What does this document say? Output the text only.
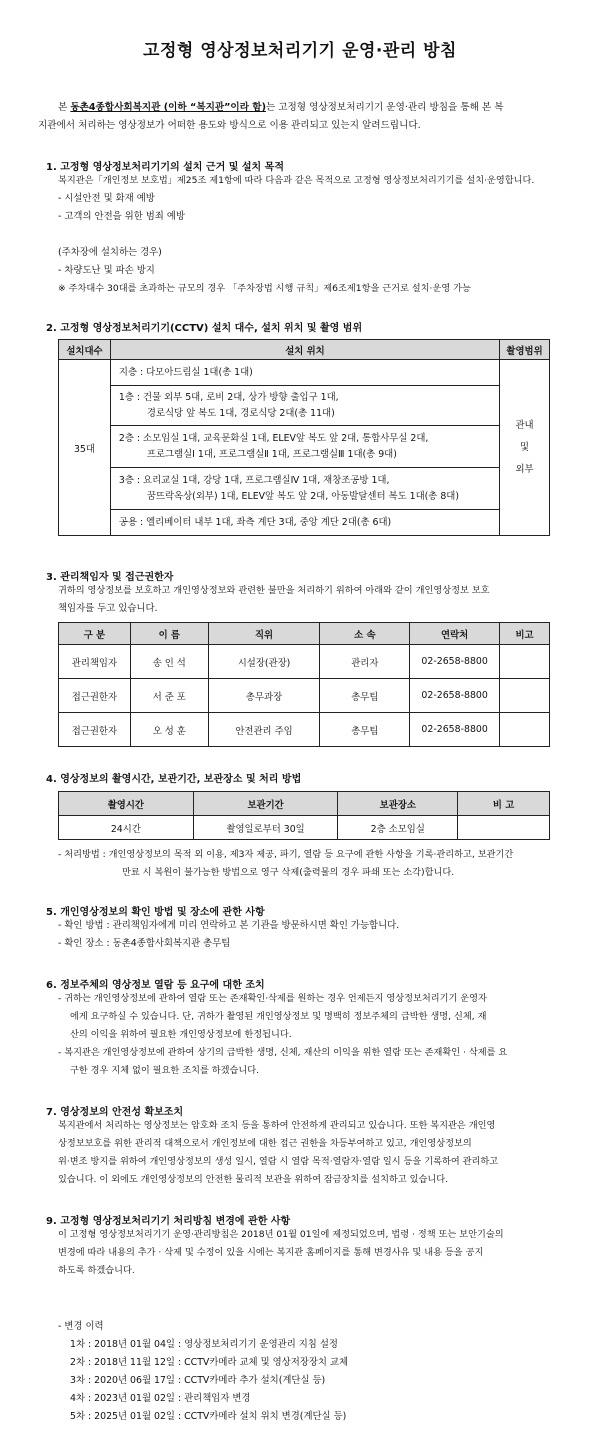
고정형 영상정보처리기기 운영·관리 방침
본 동촌4종합사회복지관 (이하 “복지관”이라 함)는 고정형 영상정보처리기기 운영·관리 방침을 통해 본 복
지관에서 처리하는 영상정보가 어떠한 용도와 방식으로 이용 관리되고 있는지 알려드립니다.
1. 고정형 영상정보처리기기의 설치 근거 및 설치 목적
복지관은「개인정보 보호법」제25조 제1항에 따라 다음과 같은 목적으로 고정형 영상정보처리기기를 설치·운영합니다.
- 시설안전 및 화재 예방
- 고객의 안전을 위한 범죄 예방
(주차장에 설치하는 경우)
- 차량도난 및 파손 방지
※ 주차대수 30대를 초과하는 규모의 경우 「주차장법 시행 규칙」제6조제1항을 근거로 설치·운영 가능
2. 고정형 영상정보처리기기(CCTV) 설치 대수, 설치 위치 및 촬영 범위
설치대수	설치 위치	촬영범위
35대	지층 : 다모아드림실 1대(총 1대)	관내
및
외부

	1층 : 건물 외부 5대, 로비 2대, 상가 방향 출입구 1대,
경로식당 앞 복도 1대, 경로식당 2대(총 11대)	

	2층 : 소모임실 1대, 교육문화실 1대, ELEV앞 복도 앞 2대, 통합사무실 2대,
프로그램실Ⅰ 1대, 프로그램실Ⅱ 1대, 프로그램실Ⅲ 1대(총 9대)	

	3층 : 요리교실 1대, 강당 1대, 프로그램실Ⅳ 1대, 재창조공방 1대,
꿈뜨락옥상(외부) 1대, ELEV앞 복도 앞 2대, 아동발달센터 복도 1대(총 8대)	

	공용 : 엘리베이터 내부 1대, 좌측 계단 3대, 중앙 계단 2대(총 6대)	
3. 관리책임자 및 접근권한자
귀하의 영상정보를 보호하고 개인영상정보와 관련한 불만을 처리하기 위하여 아래와 같이 개인영상정보 보호
책임자를 두고 있습니다.
구 분	이 름	직위	소 속	연락처	비고
관리책임자	송 인 석	시설장(관장)	관리자	02-2658-8800	
접근권한자	서 준 포	총무과장	총무팀	02-2658-8800	
접근권한자	오 성 훈	안전관리 주임	총무팀	02-2658-8800	
4. 영상정보의 촬영시간, 보관기간, 보관장소 및 처리 방법
촬영시간	보관기간	보관장소	비 고
24시간	촬영일로부터 30일	2층 소모임실	
- 처리방법 : 개인영상정보의 목적 외 이용, 제3자 제공, 파기, 열람 등 요구에 관한 사항을 기록·관리하고, 보관기간
만료 시 복원이 불가능한 방법으로 영구 삭제(출력물의 경우 파쇄 또는 소각)합니다.
5. 개인영상정보의 확인 방법 및 장소에 관한 사항
- 확인 방법 : 관리책임자에게 미리 연락하고 본 기관을 방문하시면 확인 가능합니다.
- 확인 장소 : 동촌4종합사회복지관 총무팀
6. 정보주체의 영상정보 열람 등 요구에 대한 조치
- 귀하는 개인영상정보에 관하여 열람 또는 존재확인·삭제를 원하는 경우 언제든지 영상정보처리기기 운영자
에게 요구하실 수 있습니다. 단, 귀하가 촬영된 개인영상정보 및 명백히 정보주체의 급박한 생명, 신체, 재
산의 이익을 위하여 필요한 개인영상정보에 한정됩니다.
- 복지관은 개인영상정보에 관하여 상기의 급박한 생명, 신체, 재산의 이익을 위한 열람 또는 존재확인 · 삭제를 요
구한 경우 지체 없이 필요한 조치를 하겠습니다.
7. 영상정보의 안전성 확보조치
복지관에서 처리하는 영상정보는 암호화 조치 등을 통하여 안전하게 관리되고 있습니다. 또한 복지관은 개인영
상정보보호를 위한 관리적 대책으로서 개인정보에 대한 접근 권한을 차등부여하고 있고, 개인영상정보의
위·변조 방지를 위하여 개인영상정보의 생성 일시, 열람 시 열람 목적·열람자·열람 일시 등을 기록하여 관리하고
있습니다. 이 외에도 개인영상정보의 안전한 물리적 보관을 위하여 잠금장치를 설치하고 있습니다.
9. 고정형 영상정보처리기기 처리방침 변경에 관한 사항
이 고정형 영상정보처리기기 운영·관리방침은 2018년 01월 01일에 제정되었으며, 법령 · 정책 또는 보안기술의
변경에 따라 내용의 추가 · 삭제 및 수정이 있을 시에는 복지관 홈페이지를 통해 변경사유 및 내용 등을 공지
하도록 하겠습니다.
- 변경 이력
1차 : 2018년 01월 04일 : 영상정보처리기기 운영관리 지침 설정
2차 : 2018년 11월 12일 : CCTV카메라 교체 및 영상저장장치 교체
3차 : 2020년 06월 17일 : CCTV카메라 추가 설치(계단실 등)
4차 : 2023년 01월 02일 : 관리책임자 변경
5차 : 2025년 01월 02일 : CCTV카메라 설치 위치 변경(계단실 등)
